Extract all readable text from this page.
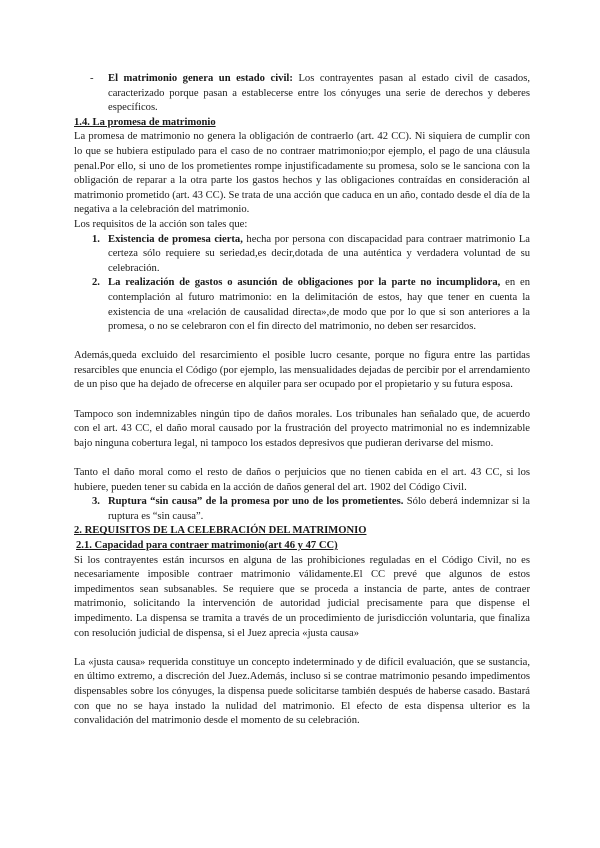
- El matrimonio genera un estado civil: Los contrayentes pasan al estado civil de casados, caracterizado porque pasan a establecerse entre los cónyuges una serie de derechos y deberes específicos.

1.4. La promesa de matrimonio

La promesa de matrimonio no genera la obligación de contraerlo (art. 42 CC). Ni siquiera de cumplir con lo que se hubiera estipulado para el caso de no contraer matrimonio;por ejemplo, el pago de una cláusula penal.Por ello, si uno de los prometientes rompe injustificadamente su promesa, solo se le sanciona con la obligación de reparar a la otra parte los gastos hechos y las obligaciones contraídas en consideración al matrimonio prometido (art. 43 CC). Se trata de una acción que caduca en un año, contado desde el día de la negativa a la celebración del matrimonio.

Los requisitos de la acción son tales que:

1. Existencia de promesa cierta, hecha por persona con discapacidad para contraer matrimonio La certeza sólo requiere su seriedad,es decir,dotada de una auténtica y verdadera voluntad de su celebración.

2. La realización de gastos o asunción de obligaciones por la parte no incumplidora, en en contemplación al futuro matrimonio: en la delimitación de estos, hay que tener en cuenta la existencia de una «relación de causalidad directa»,de modo que por lo que si son anteriores a la promesa, o no se celebraron con el fin directo del matrimonio, no deben ser resarcidos.

Además,queda excluido del resarcimiento el posible lucro cesante, porque no figura entre las partidas resarcibles que enuncia el Código (por ejemplo, las mensualidades dejadas de percibir por el arrendamiento de un piso que ha dejado de ofrecerse en alquiler para ser ocupado por el propietario y su futura esposa.

Tampoco son indemnizables ningún tipo de daños morales. Los tribunales han señalado que, de acuerdo con el art. 43 CC, el daño moral causado por la frustración del proyecto matrimonial no es indemnizable bajo ninguna cobertura legal, ni tampoco los estados depresivos que pudieran derivarse del mismo.

Tanto el daño moral como el resto de daños o perjuicios que no tienen cabida en el art. 43 CC, si los hubiere, pueden tener su cabida en la acción de daños general del art. 1902 del Código Civil.

3. Ruptura “sin causa” de la promesa por uno de los prometientes. Sólo deberá indemnizar si la ruptura es “sin causa”.

2. REQUISITOS DE LA CELEBRACIÓN DEL MATRIMONIO

2.1. Capacidad para contraer matrimonio(art 46 y 47 CC)

Si los contrayentes están incursos en alguna de las prohibiciones reguladas en el Código Civil, no es necesariamente imposible contraer matrimonio válidamente.El CC prevé que algunos de estos impedimentos sean subsanables. Se requiere que se proceda a instancia de parte, antes de contraer matrimonio, solicitando la intervención de autoridad judicial precisamente para que dispense el impedimento. La dispensa se tramita a través de un procedimiento de jurisdicción voluntaria, que finaliza con resolución judicial de dispensa, si el Juez aprecia «justa causa»

La «justa causa» requerida constituye un concepto indeterminado y de difícil evaluación, que se sustancia, en último extremo, a discreción del Juez.Además, incluso si se contrae matrimonio pesando impedimentos dispensables sobre los cónyuges, la dispensa puede solicitarse también después de haberse casado. Bastará con que no se haya instado la nulidad del matrimonio. El efecto de esta dispensa ulterior es la convalidación del matrimonio desde el momento de su celebración.
